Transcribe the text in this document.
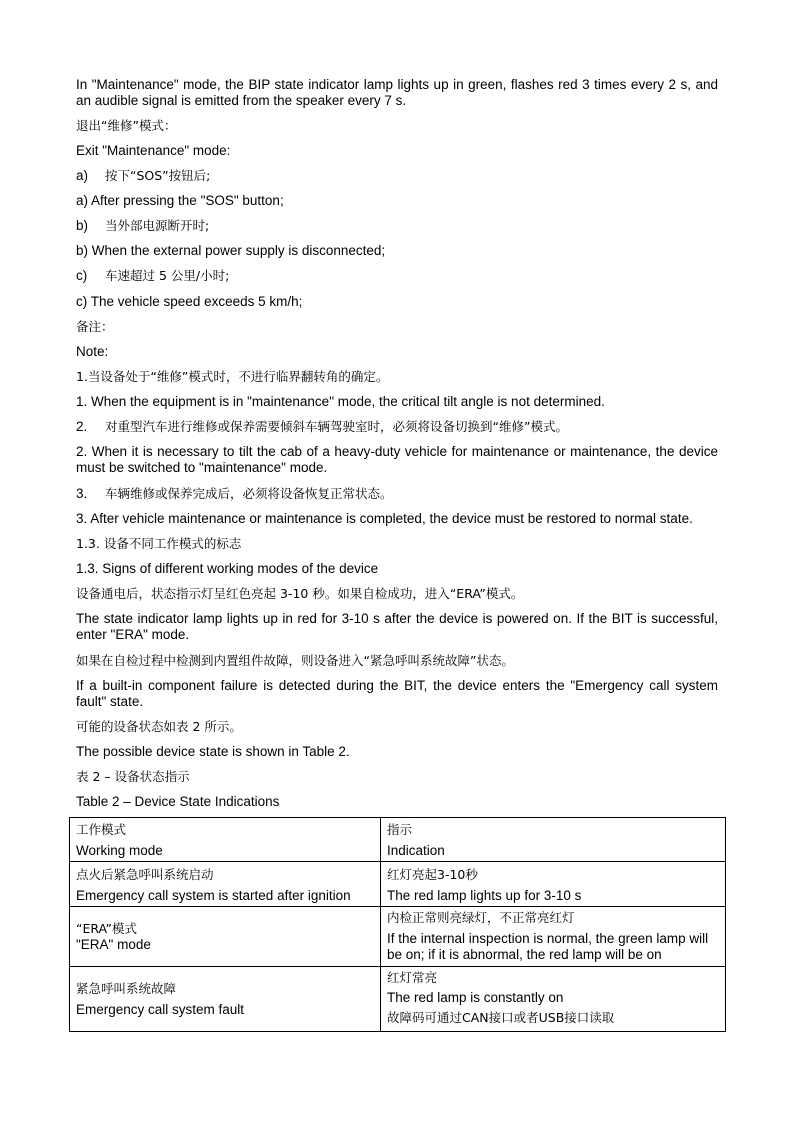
In "Maintenance" mode, the BIP state indicator lamp lights up in green, flashes red 3 times every 2 s, and an audible signal is emitted from the speaker every 7 s.
退出“维修”模式：
Exit "Maintenance" mode:
a) 按下“SOS”按钮后;
a) After pressing the "SOS" button;
b) 当外部电源断开时;
b) When the external power supply is disconnected;
c) 车速超过 5 公里/小时;
c) The vehicle speed exceeds 5 km/h;
备注：
Note:
1.当设备处于“维修”模式时，不进行临界翻转角的确定。
1. When the equipment is in "maintenance" mode, the critical tilt angle is not determined.
2. 对重型汽车进行维修或保养需要倾斜车辆驾驶室时，必须将设备切换到“维修”模式。
2. When it is necessary to tilt the cab of a heavy-duty vehicle for maintenance or maintenance, the device must be switched to "maintenance" mode.
3. 车辆维修或保养完成后，必须将设备恢复正常状态。
3. After vehicle maintenance or maintenance is completed, the device must be restored to normal state.
1.3. 设备不同工作模式的标志
1.3. Signs of different working modes of the device
设备通电后，状态指示灯呈红色亮起 3-10 秒。如果自检成功，进入“ERA”模式。
The state indicator lamp lights up in red for 3-10 s after the device is powered on. If the BIT is successful, enter "ERA" mode.
如果在自检过程中检测到内置组件故障，则设备进入“紧急呼叫系统故障”状态。
If a built-in component failure is detected during the BIT, the device enters the "Emergency call system fault" state.
可能的设备状态如表 2 所示。
The possible device state is shown in Table 2.
表 2 – 设备状态指示
Table 2 – Device State Indications
工作模式
Working mode	指示
Indication

点火后紧急呼叫系统启动
Emergency call system is started after ignition	红灯亮起3-10秒
The red lamp lights up for 3-10 s

“ERA”模式
"ERA" mode	内检正常则亮绿灯，不正常亮红灯
If the internal inspection is normal, the green lamp will be on; if it is abnormal, the red lamp will be on

紧急呼叫系统故障
Emergency call system fault	红灯常亮
The red lamp is constantly on
故障码可通过CAN接口或者USB接口读取
